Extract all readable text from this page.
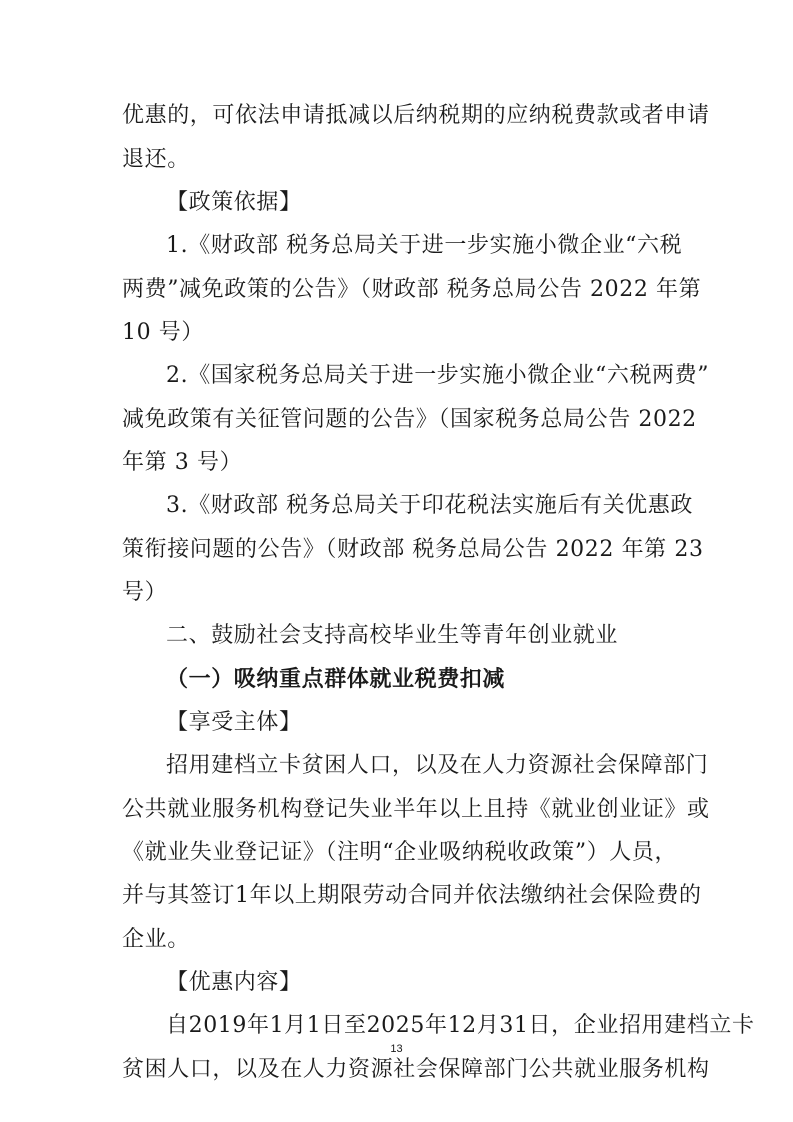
优惠的，可依法申请抵减以后纳税期的应纳税费款或者申请
退还。
【政策依据】
1.《财政部 税务总局关于进一步实施小微企业“六税
两费”减免政策的公告》（财政部 税务总局公告 2022 年第
10 号）
2.《国家税务总局关于进一步实施小微企业“六税两费”
减免政策有关征管问题的公告》（国家税务总局公告 2022
年第 3 号）
3.《财政部 税务总局关于印花税法实施后有关优惠政
策衔接问题的公告》（财政部 税务总局公告 2022 年第 23
号）
二、鼓励社会支持高校毕业生等青年创业就业
（一）吸纳重点群体就业税费扣减
【享受主体】
招用建档立卡贫困人口，以及在人力资源社会保障部门
公共就业服务机构登记失业半年以上且持《就业创业证》或
《就业失业登记证》（注明“企业吸纳税收政策”）人员，
并与其签订1年以上期限劳动合同并依法缴纳社会保险费的
企业。
【优惠内容】
自2019年1月1日至2025年12月31日，企业招用建档立卡
贫困人口，以及在人力资源社会保障部门公共就业服务机构
13
